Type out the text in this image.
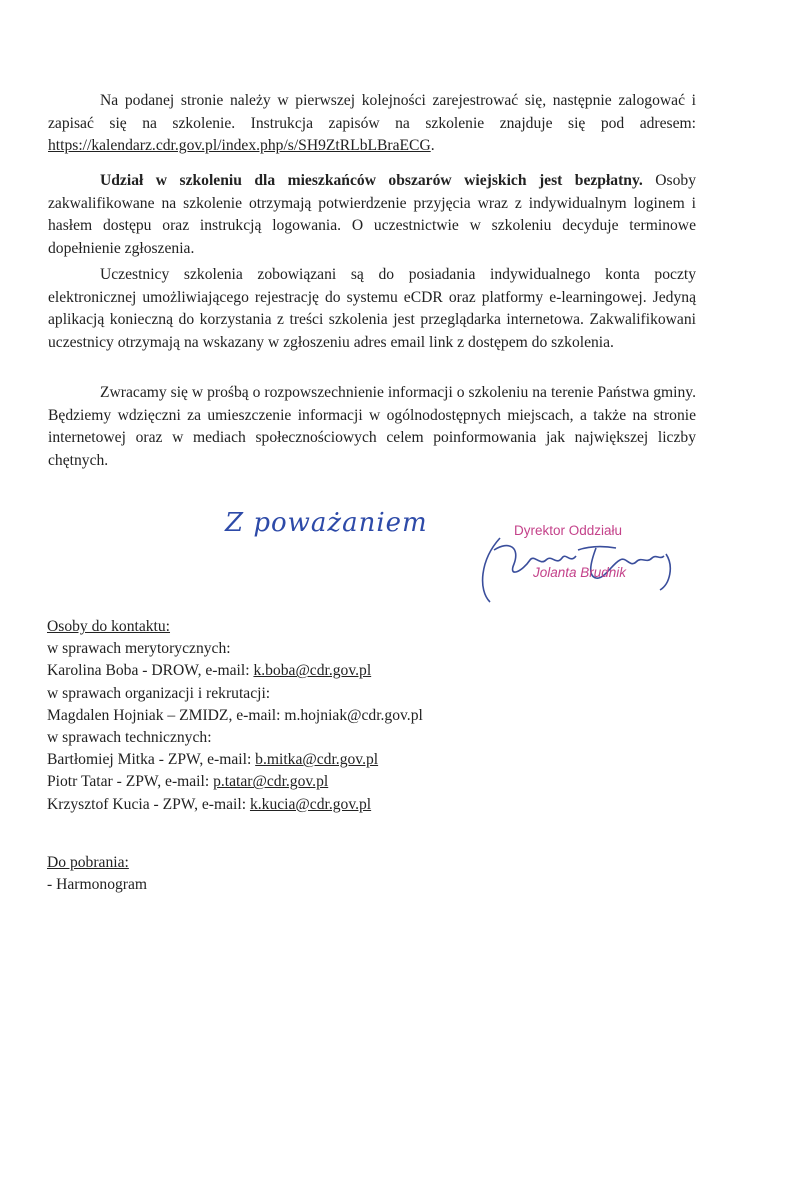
Na podanej stronie należy w pierwszej kolejności zarejestrować się, następnie zalogować i zapisać się na szkolenie. Instrukcja zapisów na szkolenie znajduje się pod adresem: https://kalendarz.cdr.gov.pl/index.php/s/SH9ZtRLbLBraECG.

Udział w szkoleniu dla mieszkańców obszarów wiejskich jest bezpłatny. Osoby zakwalifikowane na szkolenie otrzymają potwierdzenie przyjęcia wraz z indywidualnym loginem i hasłem dostępu oraz instrukcją logowania. O uczestnictwie w szkoleniu decyduje terminowe dopełnienie zgłoszenia.

Uczestnicy szkolenia zobowiązani są do posiadania indywidualnego konta poczty elektronicznej umożliwiającego rejestrację do systemu eCDR oraz platformy e-learningowej. Jedyną aplikacją konieczną do korzystania z treści szkolenia jest przeglądarka internetowa. Zakwalifikowani uczestnicy otrzymają na wskazany w zgłoszeniu adres email link z dostępem do szkolenia.

Zwracamy się w prośbą o rozpowszechnienie informacji o szkoleniu na terenie Państwa gminy. Będziemy wdzięczni za umieszczenie informacji w ogólnodostępnych miejscach, a także na stronie internetowej oraz w mediach społecznościowych celem poinformowania jak największej liczby chętnych.

Z poważaniem	Dyrektor Oddziału
Jolanta Brudnik
Osoby do kontaktu:
w sprawach merytorycznych:
Karolina Boba - DROW, e-mail: k.boba@cdr.gov.pl
w sprawach organizacji i rekrutacji:
Magdalen Hojniak – ZMIDZ, e-mail: m.hojniak@cdr.gov.pl
w sprawach technicznych:
Bartłomiej Mitka - ZPW, e-mail: b.mitka@cdr.gov.pl
Piotr Tatar - ZPW, e-mail: p.tatar@cdr.gov.pl
Krzysztof Kucia - ZPW, e-mail: k.kucia@cdr.gov.pl
Do pobrania:
- Harmonogram
